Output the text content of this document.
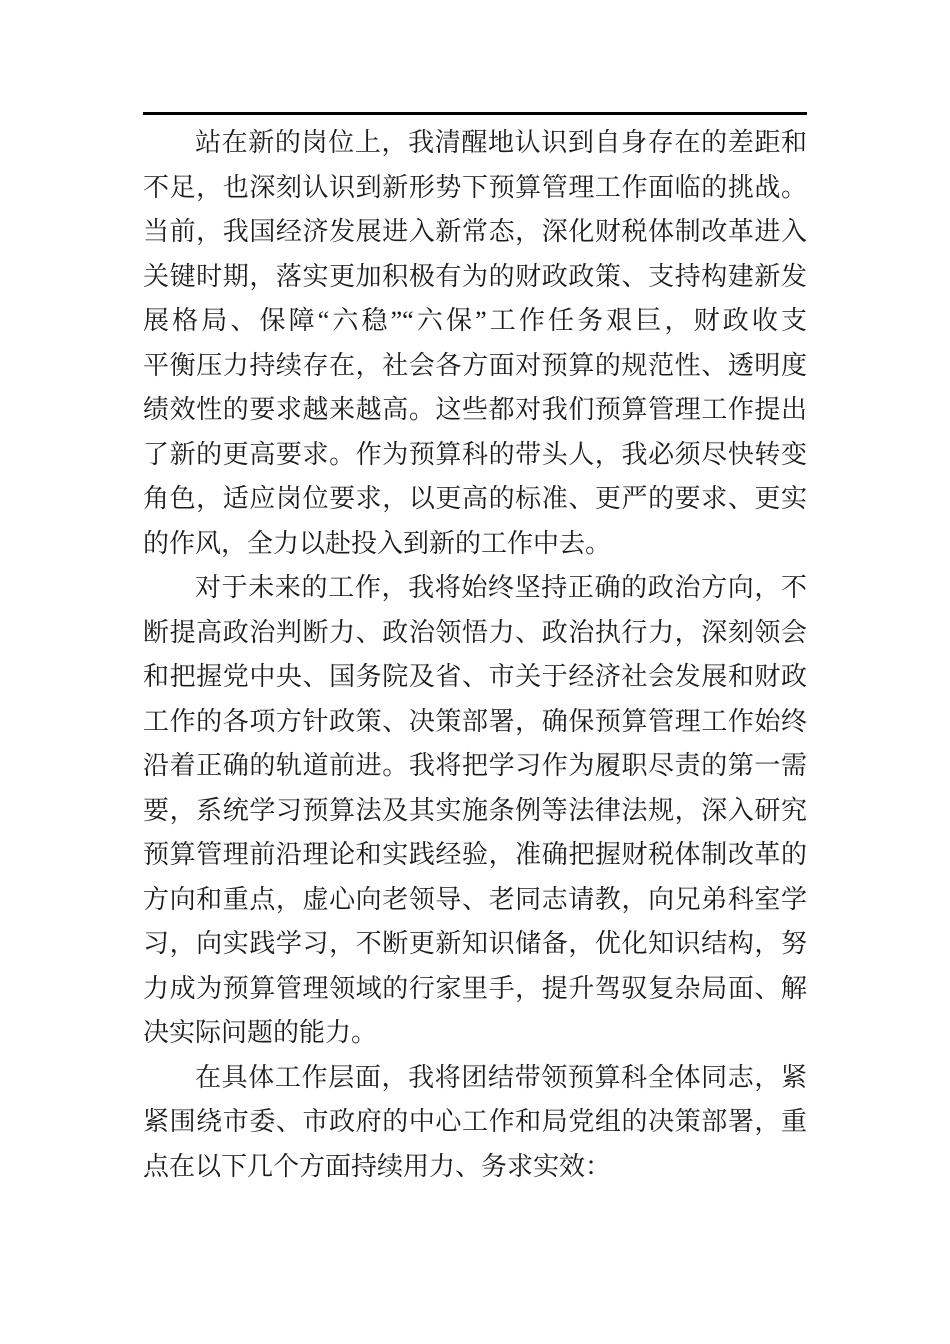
站在新的岗位上，我清醒地认识到自身存在的差距和
不足，也深刻认识到新形势下预算管理工作面临的挑战。
当前，我国经济发展进入新常态，深化财税体制改革进入
关键时期，落实更加积极有为的财政政策、支持构建新发
展格局、保障“六稳”“六保”工作任务艰巨，财政收支
平衡压力持续存在，社会各方面对预算的规范性、透明度
绩效性的要求越来越高。这些都对我们预算管理工作提出
了新的更高要求。作为预算科的带头人，我必须尽快转变
角色，适应岗位要求，以更高的标准、更严的要求、更实
的作风，全力以赴投入到新的工作中去。
对于未来的工作，我将始终坚持正确的政治方向，不
断提高政治判断力、政治领悟力、政治执行力，深刻领会
和把握党中央、国务院及省、市关于经济社会发展和财政
工作的各项方针政策、决策部署，确保预算管理工作始终
沿着正确的轨道前进。我将把学习作为履职尽责的第一需
要，系统学习预算法及其实施条例等法律法规，深入研究
预算管理前沿理论和实践经验，准确把握财税体制改革的
方向和重点，虚心向老领导、老同志请教，向兄弟科室学
习，向实践学习，不断更新知识储备，优化知识结构，努
力成为预算管理领域的行家里手，提升驾驭复杂局面、解
决实际问题的能力。
在具体工作层面，我将团结带领预算科全体同志，紧
紧围绕市委、市政府的中心工作和局党组的决策部署，重
点在以下几个方面持续用力、务求实效：
